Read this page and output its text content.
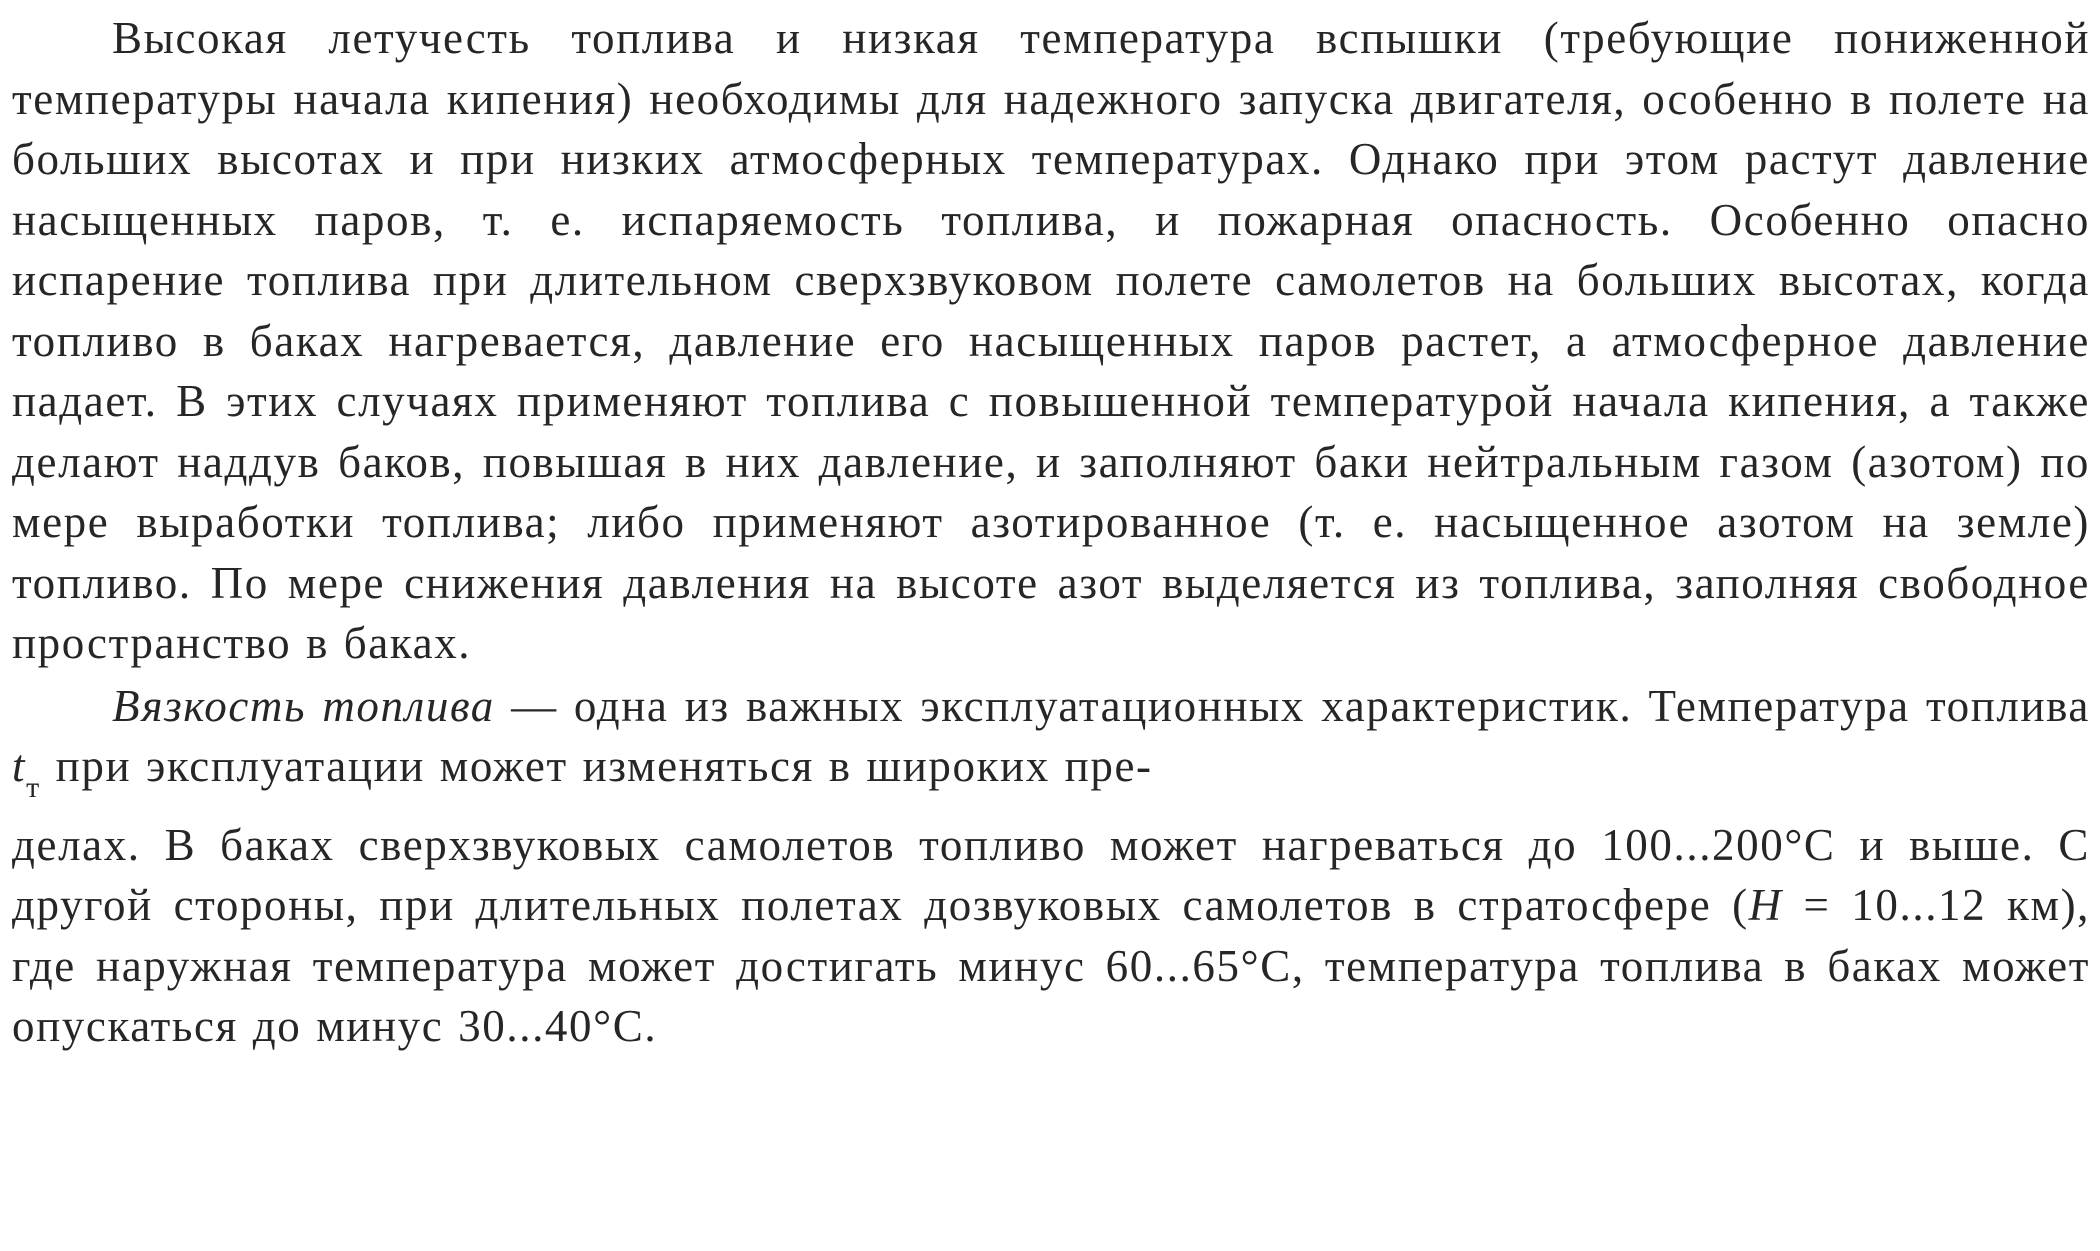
Высокая летучесть топлива и низкая температура вспышки (требующие пониженной температуры начала кипения) необходимы для надежного запуска двигателя, особенно в полете на больших высотах и при низких атмосферных температурах. Однако при этом растут давление насыщенных паров, т. е. испаряемость топлива, и пожарная опасность. Особенно опасно испарение топлива при длительном сверхзвуковом полете самолетов на больших высотах, когда топливо в баках нагревается, давление его насыщенных паров растет, а атмосферное давление падает. В этих случаях применяют топлива с повышенной температурой начала кипения, а также делают наддув баков, повышая в них давление, и заполняют баки нейтральным газом (азотом) по мере выработки топлива; либо применяют азотированное (т. е. насыщенное азотом на земле) топливо. По мере снижения давления на высоте азот выделяется из топлива, заполняя свободное пространство в баках.

Вязкость топлива — одна из важных эксплуатационных характеристик. Температура топлива $t_т$ при эксплуатации может изменяться в широких пре-
делах. В баках сверхзвуковых самолетов топливо может нагреваться до 100...200°С и выше. С другой стороны, при длительных полетах дозвуковых самолетов в стратосфере (H = 10...12 км), где наружная температура может достигать минус 60...65°С, температура топлива в баках может опускаться до минус 30...40°С.
